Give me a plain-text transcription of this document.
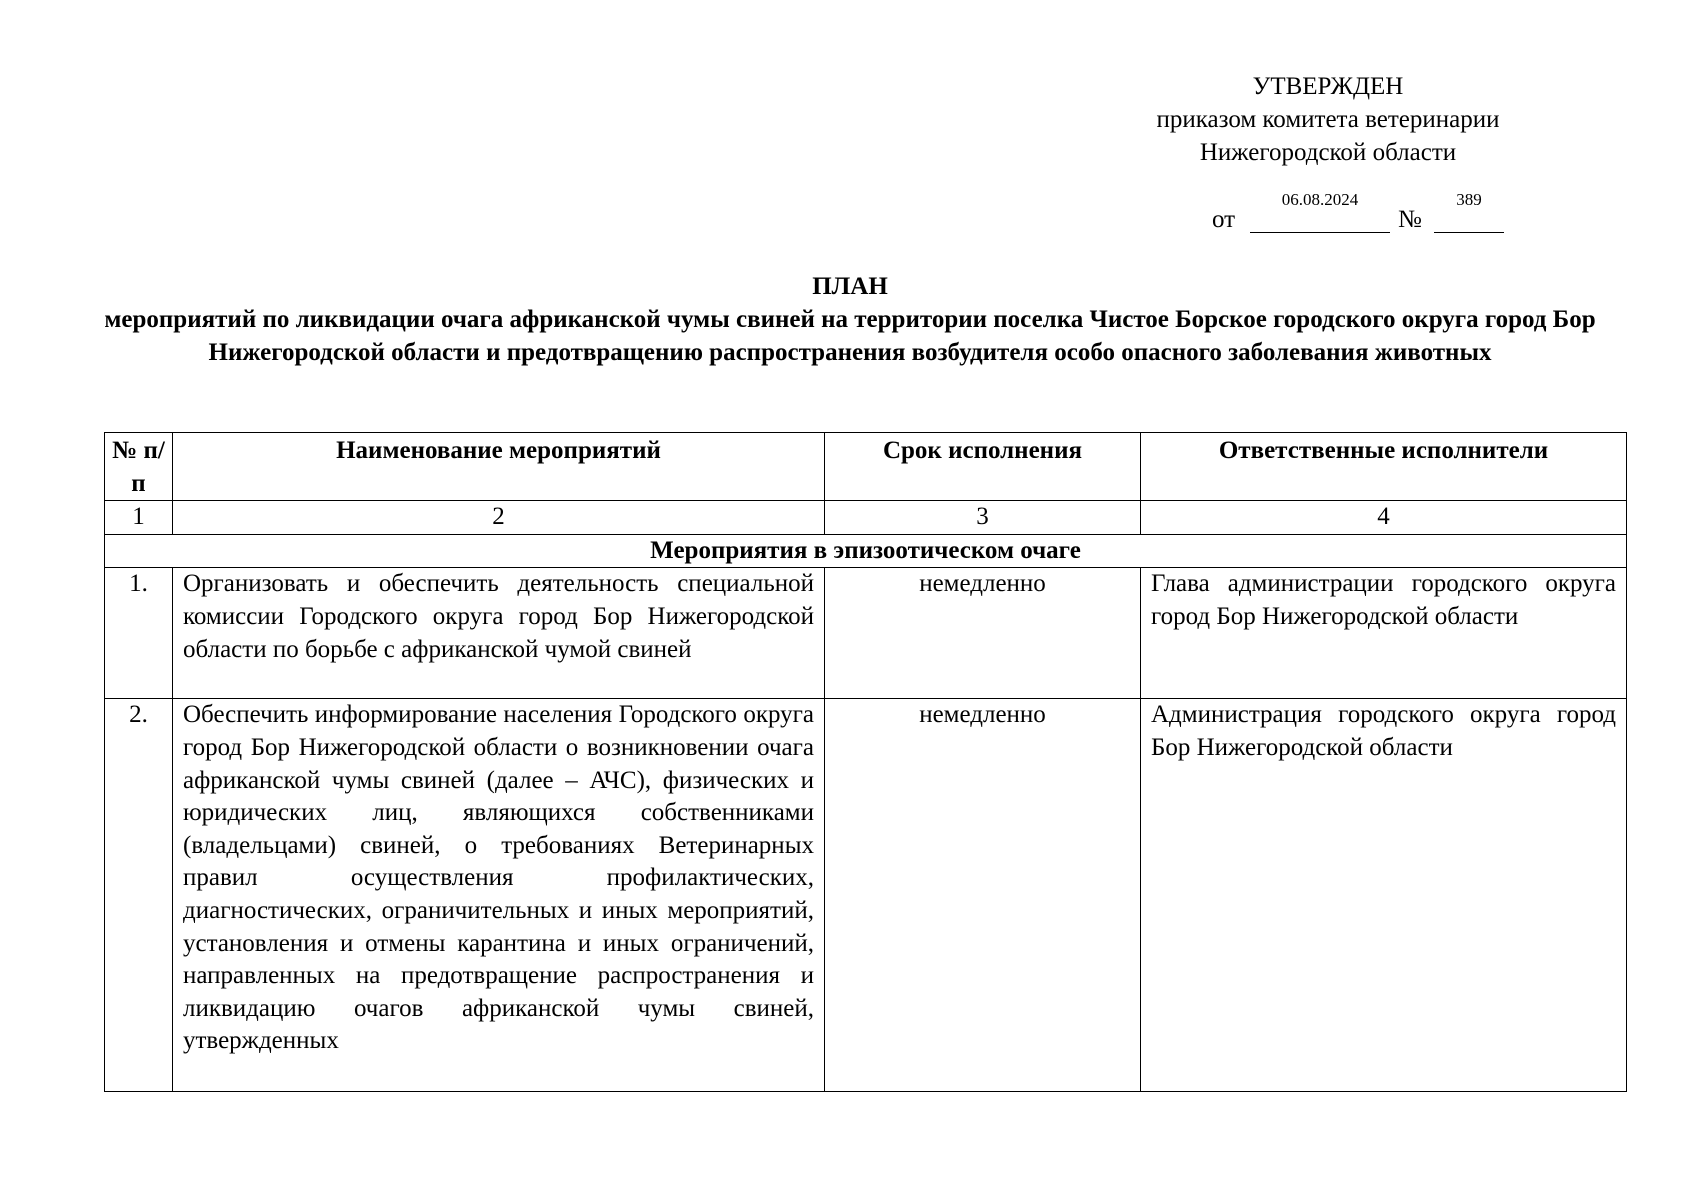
УТВЕРЖДЕН
приказом комитета ветеринарии
Нижегородской области
от
06.08.2024
№
389
ПЛАН
мероприятий по ликвидации очага африканской чумы свиней на территории поселка Чистое Борское городского округа город Бор Нижегородской области и предотвращению распространения возбудителя особо опасного заболевания животных
№ п/п	Наименование мероприятий	Срок исполнения	Ответственные исполнители
1	2	3	4
Мероприятия в эпизоотическом очаге			
1.	Организовать и обеспечить деятельность специальной комиссии Городского округа город Бор Нижегородской области по борьбе с африканской чумой свиней	немедленно	Глава администрации городского округа город Бор Нижегородской области
2.	Обеспечить информирование населения Городского округа город Бор Нижегородской области о возникновении очага африканской чумы свиней (далее – АЧС), физических и юридических лиц, являющихся собственниками (владельцами) свиней, о требованиях Ветеринарных правил осуществления профилактических, диагностических, ограничительных и иных мероприятий, установления и отмены карантина и иных ограничений, направленных на предотвращение распространения и ликвидацию очагов африканской чумы свиней, утвержденных	немедленно	Администрация городского округа город Бор Нижегородской области
